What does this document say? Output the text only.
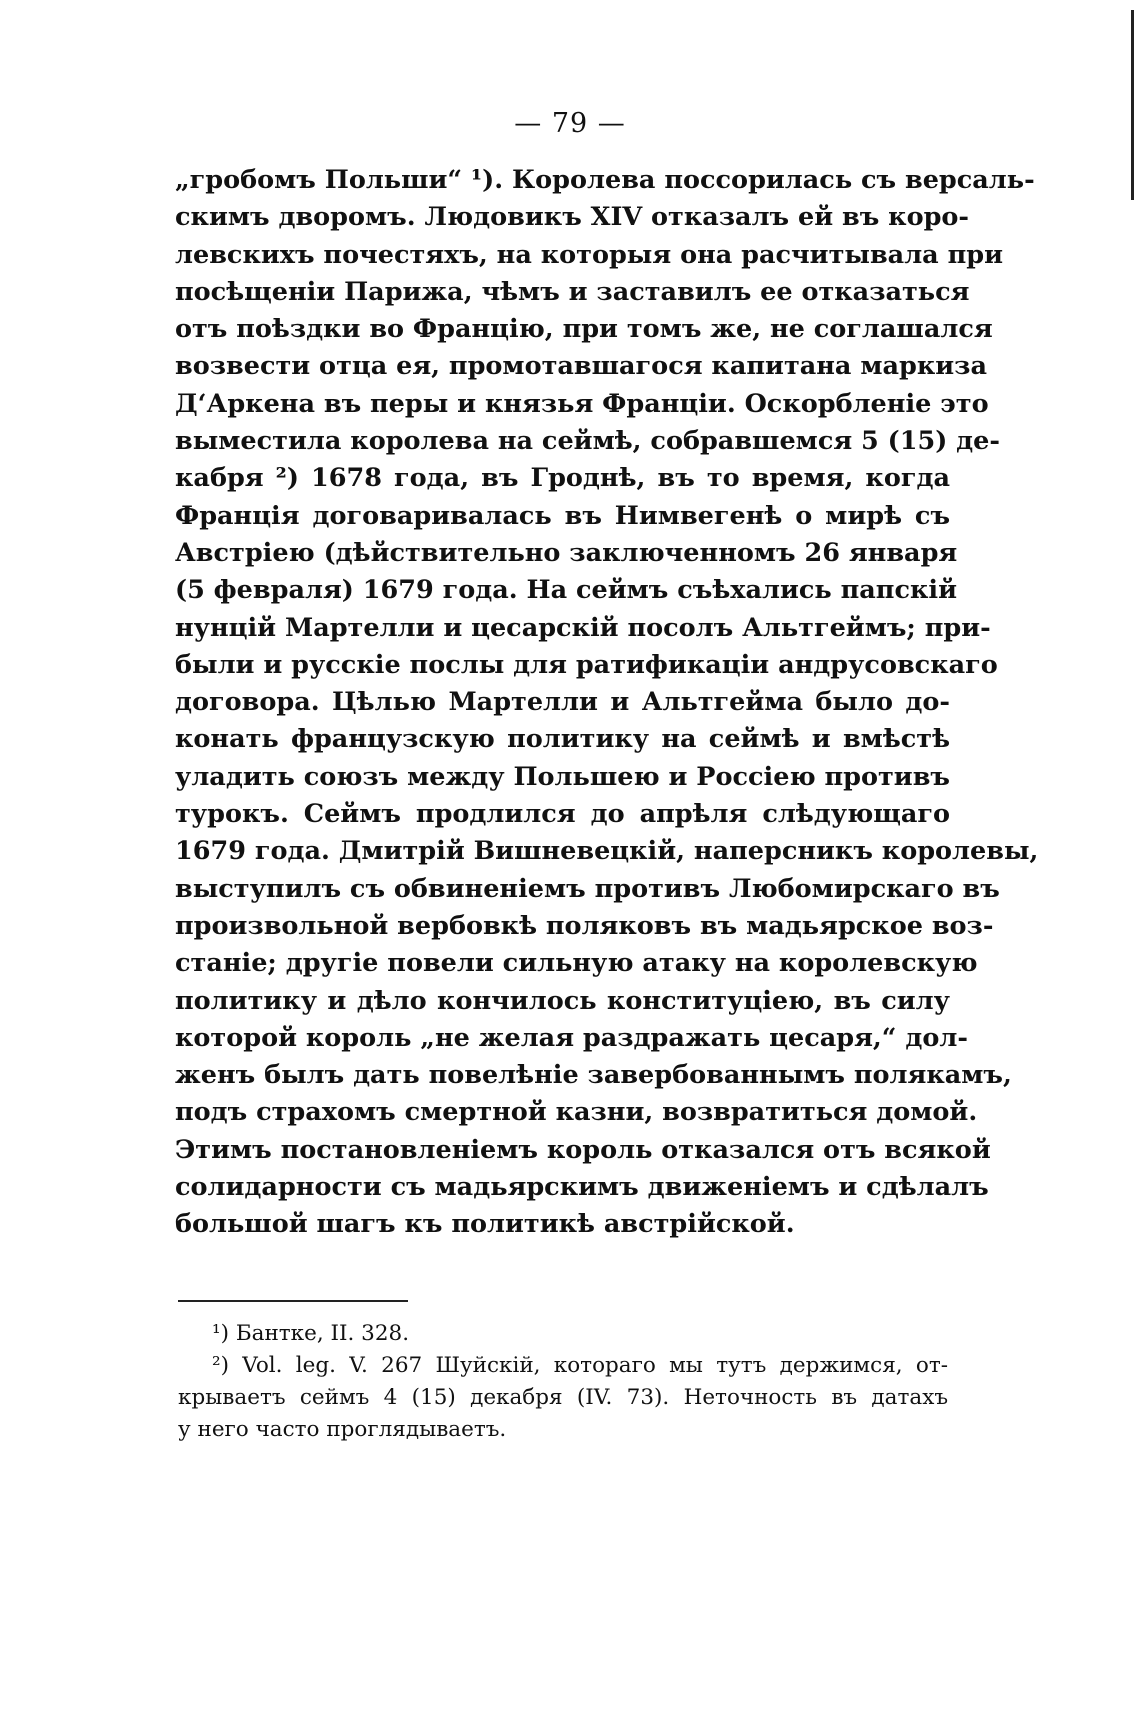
— 79 —
„гробомъ Польши“ ¹). Королева поссорилась съ версаль-
скимъ дворомъ. Людовикъ XIV отказалъ ей въ коро-
левскихъ почестяхъ, на которыя она расчитывала при
посѣщеніи Парижа, чѣмъ и заставилъ ее отказаться
отъ поѣздки во Францію, при томъ же, не соглашался
возвести отца ея, промотавшагося капитана маркиза
Д‘Аркена въ перы и князья Франціи. Оскорбленіе это
выместила королева на сеймѣ, собравшемся 5 (15) де-
кабря ²) 1678 года, въ Гроднѣ, въ то время, когда
Францiя договаривалась въ Нимвегенѣ о мирѣ съ
Австріею (дѣйствительно заключенномъ 26 января
(5 февраля) 1679 года. На сеймъ съѣхались папскій
нунцій Мартелли и цесарскій посолъ Альтгеймъ; при-
были и русскіе послы для ратификаціи андрусовскаго
договора. Цѣлью Мартелли и Альтгейма было до-
конать французскую политику на сеймѣ и вмѣстѣ
уладить союзъ между Польшею и Россіею противъ
турокъ. Сеймъ продлился до апрѣля слѣдующаго
1679 года. Дмитрій Вишневецкій, наперсникъ королевы,
выступилъ съ обвиненіемъ противъ Любомирскаго въ
произвольной вербовкѣ поляковъ въ мадьярское воз-
станіе; другіе повели сильную атаку на королевскую
политику и дѣло кончилось конституціею, въ силу
которой король „не желая раздражать цесаря,“ дол-
женъ былъ дать повелѣніе завербованнымъ полякамъ,
подъ страхомъ смертной казни, возвратиться домой.
Этимъ постановленіемъ король отказался отъ всякой
солидарности съ мадьярскимъ движеніемъ и сдѣлалъ
большой шагъ къ политикѣ австрійской.
¹) Бантке, II. 328.
²) Vol. leg. V. 267 Шуйскій, котораго мы тутъ держимся, от-
крываетъ сеймъ 4 (15) декабря (IV. 73). Неточность въ датахъ
у него часто проглядываетъ.
